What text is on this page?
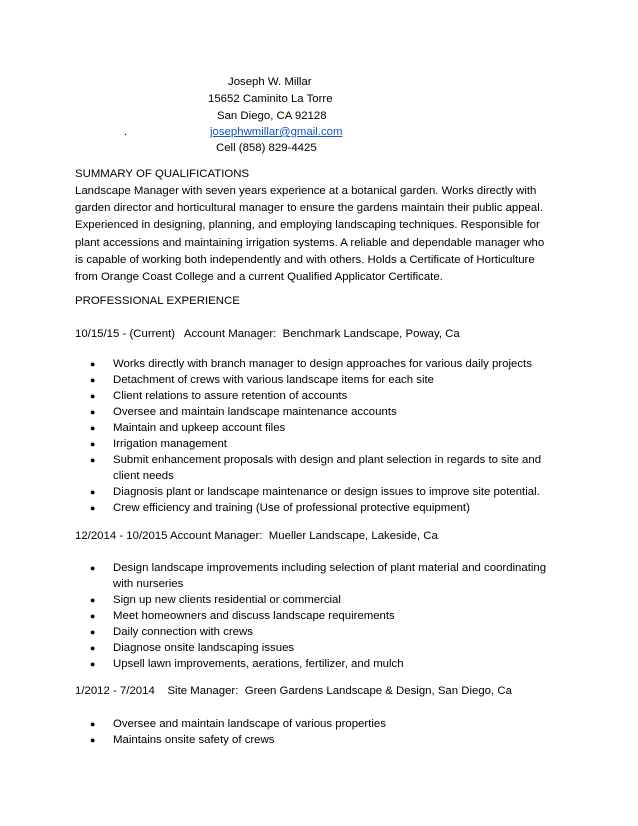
Joseph W. Millar
15652 Caminito La Torre
San Diego, CA 92128
.	josephwmillar@gmail.com
Cell (858) 829-4425
SUMMARY OF QUALIFICATIONS
Landscape Manager with seven years experience at a botanical garden. Works directly with
garden director and horticultural manager to ensure the gardens maintain their public appeal.
Experienced in designing, planning, and employing landscaping techniques. Responsible for
plant accessions and maintaining irrigation systems. A reliable and dependable manager who
is capable of working both independently and with others. Holds a Certificate of Horticulture
from Orange Coast College and a current Qualified Applicator Certificate.
PROFESSIONAL EXPERIENCE
10/15/15 - (Current)   Account Manager:  Benchmark Landscape, Poway, Ca
● Works directly with branch manager to design approaches for various daily projects
● Detachment of crews with various landscape items for each site
● Client relations to assure retention of accounts
● Oversee and maintain landscape maintenance accounts
● Maintain and upkeep account files
● Irrigation management
● Submit enhancement proposals with design and plant selection in regards to site and
client needs
● Diagnosis plant or landscape maintenance or design issues to improve site potential.
● Crew efficiency and training (Use of professional protective equipment)
12/2014 - 10/2015 Account Manager:  Mueller Landscape, Lakeside, Ca
● Design landscape improvements including selection of plant material and coordinating
with nurseries
● Sign up new clients residential or commercial
● Meet homeowners and discuss landscape requirements
● Daily connection with crews
● Diagnose onsite landscaping issues
● Upsell lawn improvements, aerations, fertilizer, and mulch
1/2012 - 7/2014    Site Manager:  Green Gardens Landscape & Design, San Diego, Ca
● Oversee and maintain landscape of various properties
● Maintains onsite safety of crews
